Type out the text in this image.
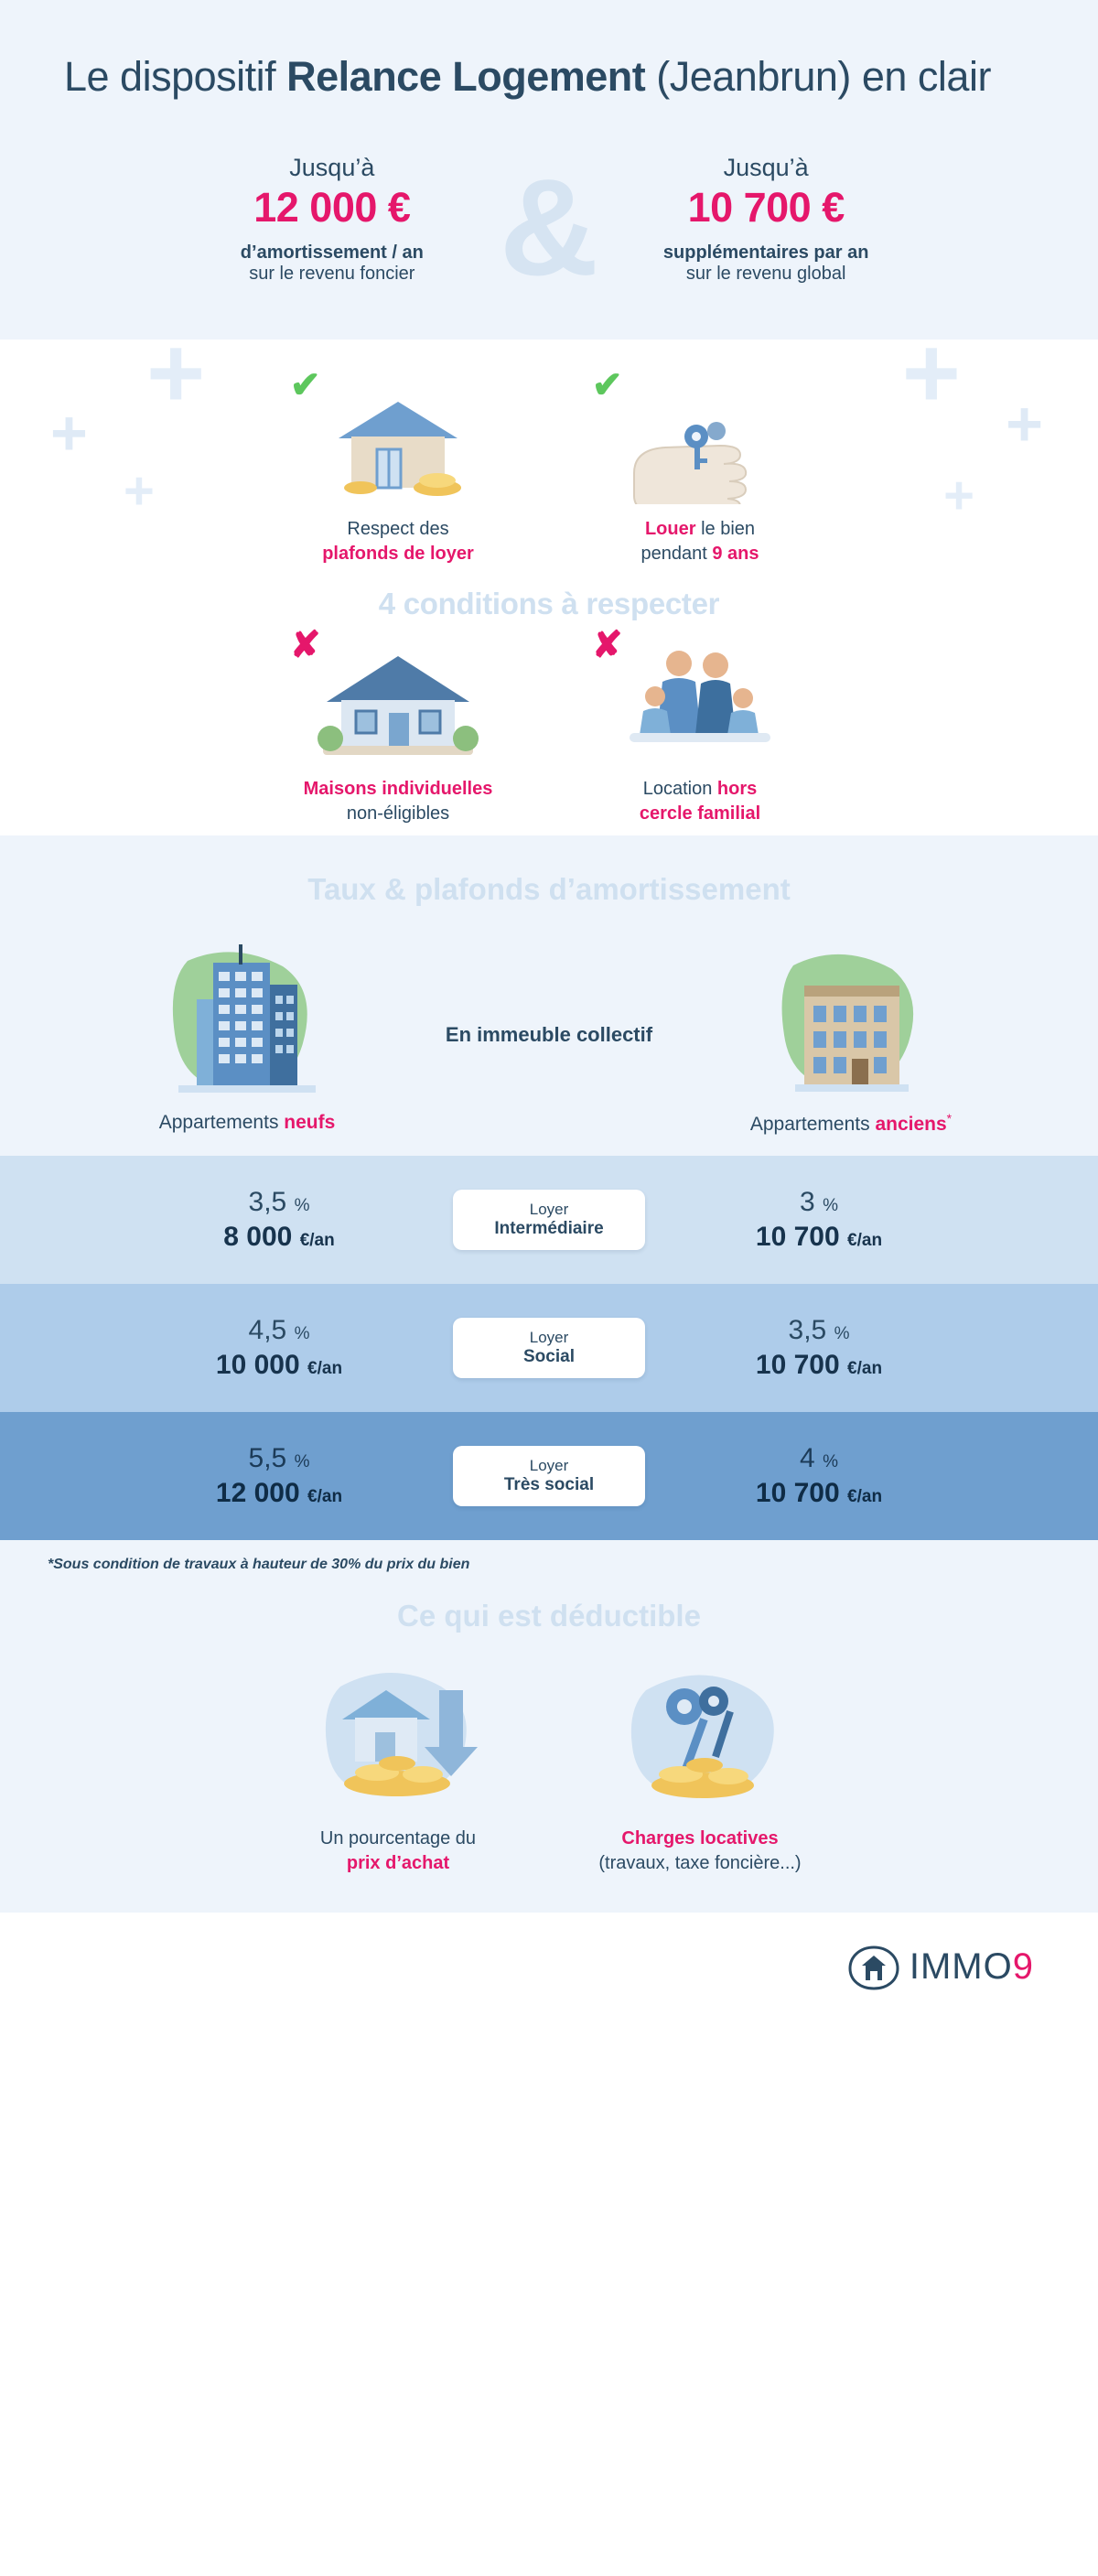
Le dispositif Relance Logement (Jeanbrun) en clair
+
+
+
+
+
+
Jusqu’à
12 000 €
d’amortissement / an
sur le revenu foncier &	Jusqu’à
10 700 €
supplémentaires par an
sur le revenu global
✔
Respect des
plafonds de loyer
✔
Louer le bien
pendant 9 ans
4 conditions à respecter
✘
Maisons individuelles
non-éligibles
✘
Location hors
cercle familial
Taux & plafonds d’amortissement
Appartements neufs
En immeuble collectif
Appartements anciens*
3,5 %
8 000 €/an
Loyer
Intermédiaire
3 %
10 700 €/an
4,5 %
10 000 €/an
Loyer
Social
3,5 %
10 700 €/an
5,5 %
12 000 €/an
Loyer
Très social
4 %
10 700 €/an
*Sous condition de travaux à hauteur de 30% du prix du bien
Ce qui est déductible
Un pourcentage du
prix d’achat
Charges locatives
(travaux, taxe foncière...)
IMMO9
